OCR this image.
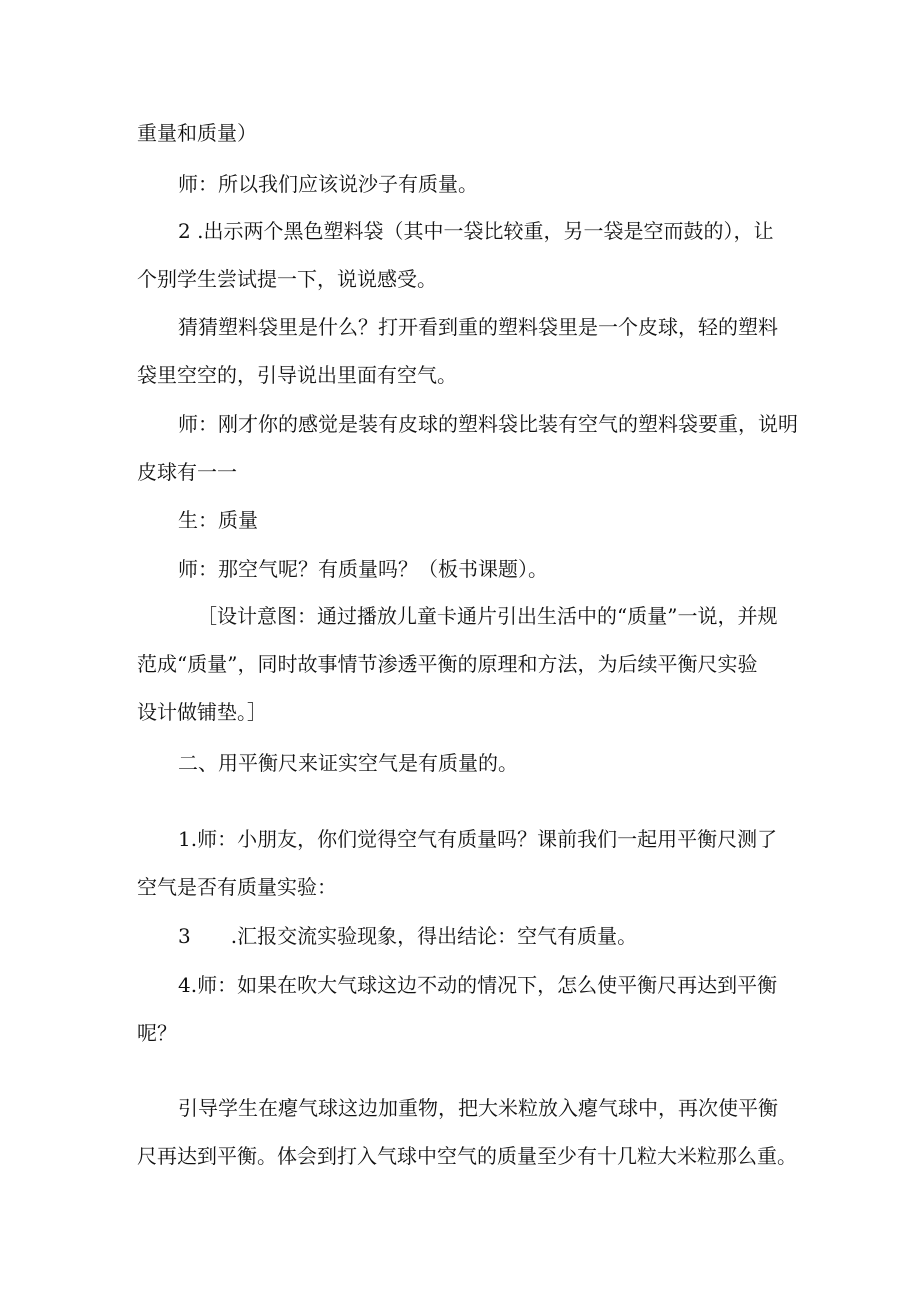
重量和质量）

师：所以我们应该说沙子有质量。

2 .出示两个黑色塑料袋（其中一袋比较重，另一袋是空而鼓的），让
个别学生尝试提一下，说说感受。

猜猜塑料袋里是什么？打开看到重的塑料袋里是一个皮球，轻的塑料
袋里空空的，引导说出里面有空气。

师：刚才你的感觉是装有皮球的塑料袋比装有空气的塑料袋要重，说明
皮球有一一

生：质量

师：那空气呢？有质量吗？（板书课题）。

［设计意图：通过播放儿童卡通片引出生活中的“质量”一说，并规
范成“质量”，同时故事情节渗透平衡的原理和方法，为后续平衡尺实验
设计做铺垫。］

二、用平衡尺来证实空气是有质量的。

1.师：小朋友，你们觉得空气有质量吗？课前我们一起用平衡尺测了
空气是否有质量实验：

3　　.汇报交流实验现象，得出结论：空气有质量。

4.师：如果在吹大气球这边不动的情况下，怎么使平衡尺再达到平衡
呢？

引导学生在瘪气球这边加重物，把大米粒放入瘪气球中，再次使平衡
尺再达到平衡。体会到打入气球中空气的质量至少有十几粒大米粒那么重。
